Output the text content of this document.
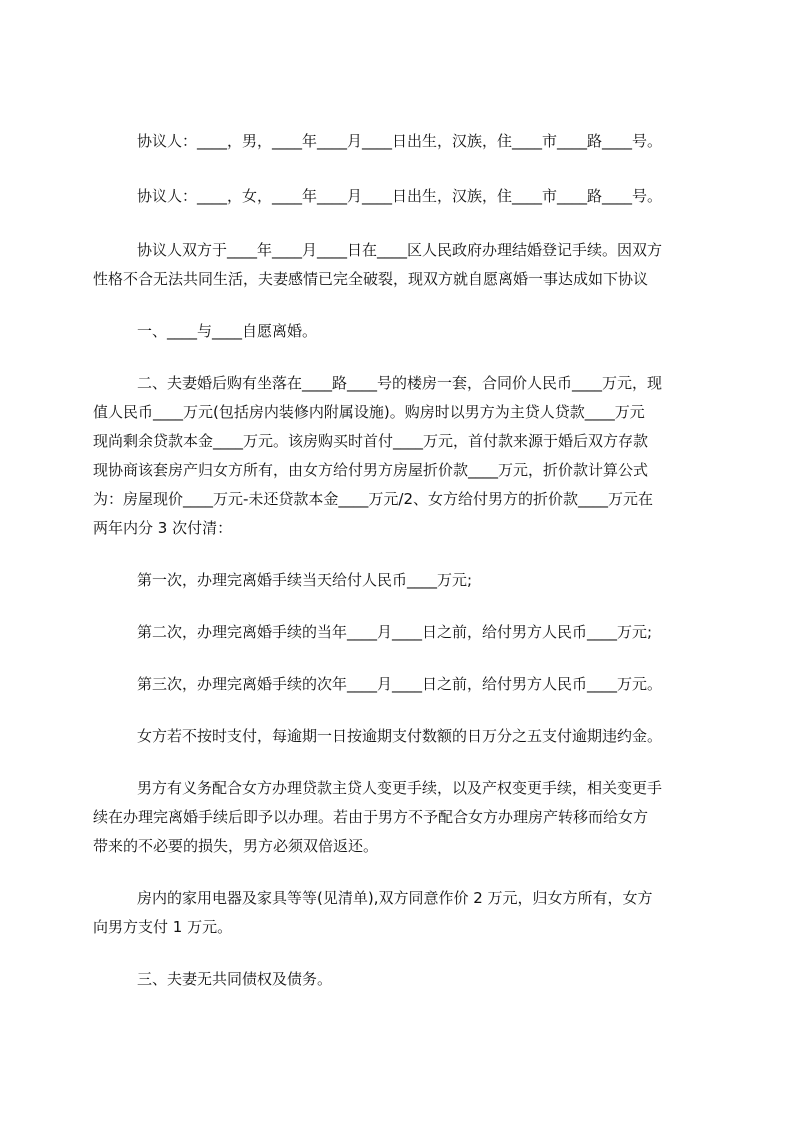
协议人：____，男，____年____月____日出生，汉族，住____市____路____号。

协议人：____，女，____年____月____日出生，汉族，住____市____路____号。

协议人双方于____年____月____日在____区人民政府办理结婚登记手续。因双方
性格不合无法共同生活，夫妻感情已完全破裂，现双方就自愿离婚一事达成如下协议

一、____与____自愿离婚。

二、夫妻婚后购有坐落在____路____号的楼房一套，合同价人民币____万元，现
值人民币____万元(包括房内装修内附属设施)。购房时以男方为主贷人贷款____万元
现尚剩余贷款本金____万元。该房购买时首付____万元，首付款来源于婚后双方存款
现协商该套房产归女方所有，由女方给付男方房屋折价款____万元，折价款计算公式
为：房屋现价____万元-未还贷款本金____万元/2、女方给付男方的折价款____万元在
两年内分 3 次付清：

第一次，办理完离婚手续当天给付人民币____万元;

第二次，办理完离婚手续的当年____月____日之前，给付男方人民币____万元;

第三次，办理完离婚手续的次年____月____日之前，给付男方人民币____万元。

女方若不按时支付，每逾期一日按逾期支付数额的日万分之五支付逾期违约金。

男方有义务配合女方办理贷款主贷人变更手续，以及产权变更手续，相关变更手
续在办理完离婚手续后即予以办理。若由于男方不予配合女方办理房产转移而给女方
带来的不必要的损失，男方必须双倍返还。

房内的家用电器及家具等等(见清单),双方同意作价 2 万元，归女方所有，女方
向男方支付 1 万元。

三、夫妻无共同债权及债务。
